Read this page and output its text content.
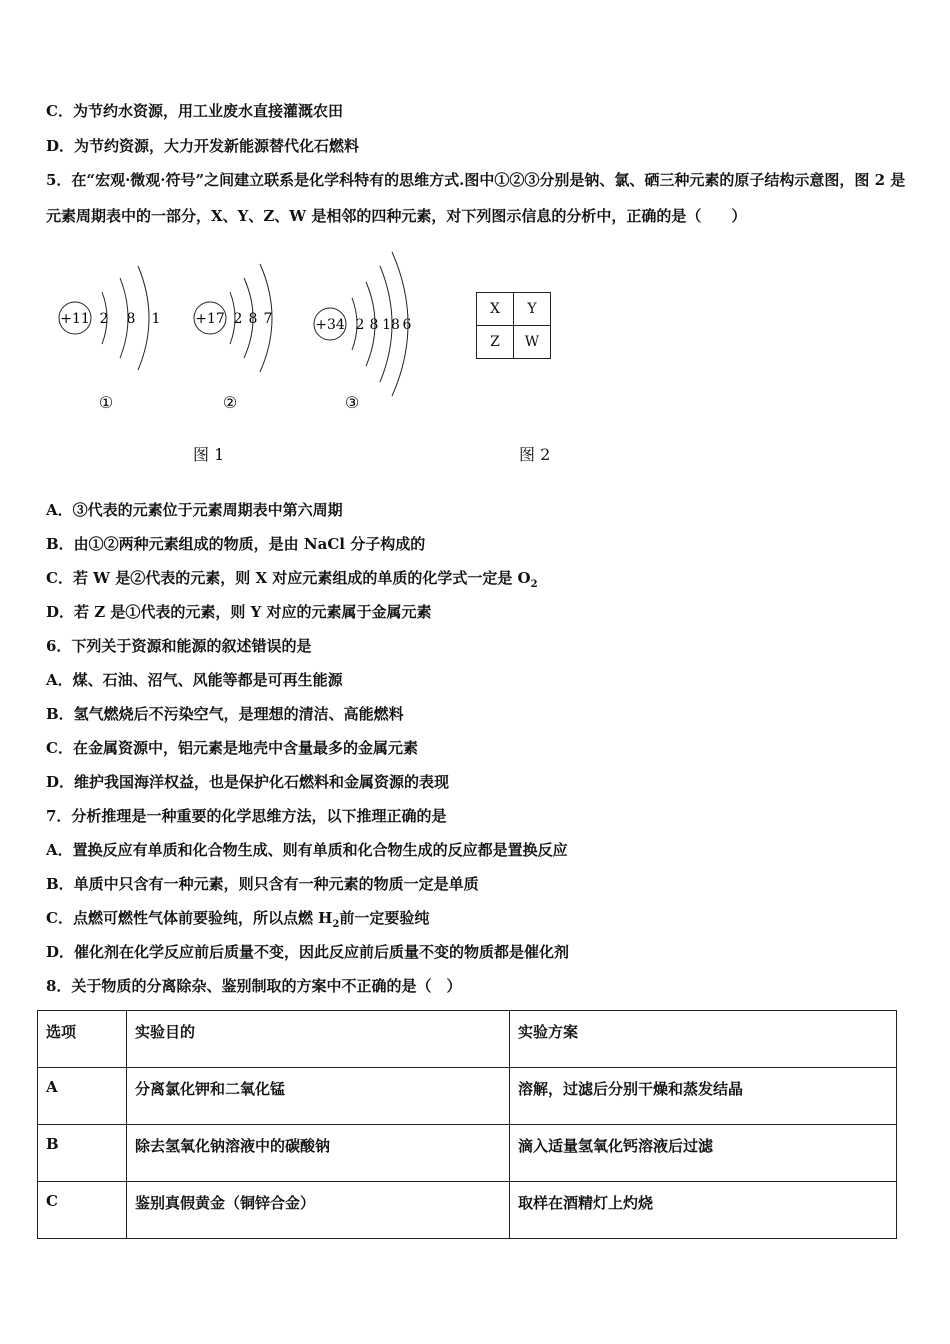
C．为节约水资源，用工业废水直接灌溉农田
D．为节约资源，大力开发新能源替代化石燃料
5．在“宏观·微观·符号”之间建立联系是化学科特有的思维方式.图中①②③分别是钠、氯、硒三种元素的原子结构示意图，图 2 是元素周期表中的一部分，X、Y、Z、W 是相邻的四种元素，对下列图示信息的分析中，正确的是（　　）
+11 2 8 1 +17 2 8 7	+34 2 8 18 6
①	②	③
图 1
X	Y
Z	W
图 2
A．③代表的元素位于元素周期表中第六周期
B．由①②两种元素组成的物质，是由 NaCl 分子构成的
C．若 W 是②代表的元素，则 X 对应元素组成的单质的化学式一定是 $O_2$
D．若 Z 是①代表的元素，则 Y 对应的元素属于金属元素
6．下列关于资源和能源的叙述错误的是
A．煤、石油、沼气、风能等都是可再生能源
B．氢气燃烧后不污染空气，是理想的清洁、高能燃料
C．在金属资源中，铝元素是地壳中含量最多的金属元素
D．维护我国海洋权益，也是保护化石燃料和金属资源的表现
7．分析推理是一种重要的化学思维方法，以下推理正确的是
A．置换反应有单质和化合物生成、则有单质和化合物生成的反应都是置换反应
B．单质中只含有一种元素，则只含有一种元素的物质一定是单质
C．点燃可燃性气体前要验纯，所以点燃 $H_2$前一定要验纯
D．催化剂在化学反应前后质量不变，因此反应前后质量不变的物质都是催化剂
8．关于物质的分离除杂、鉴别制取的方案中不正确的是（　）
选项	实验目的	实验方案
A	分离氯化钾和二氧化锰	溶解，过滤后分别干燥和蒸发结晶
B	除去氢氧化钠溶液中的碳酸钠	滴入适量氢氧化钙溶液后过滤
C	鉴别真假黄金（铜锌合金）	取样在酒精灯上灼烧
